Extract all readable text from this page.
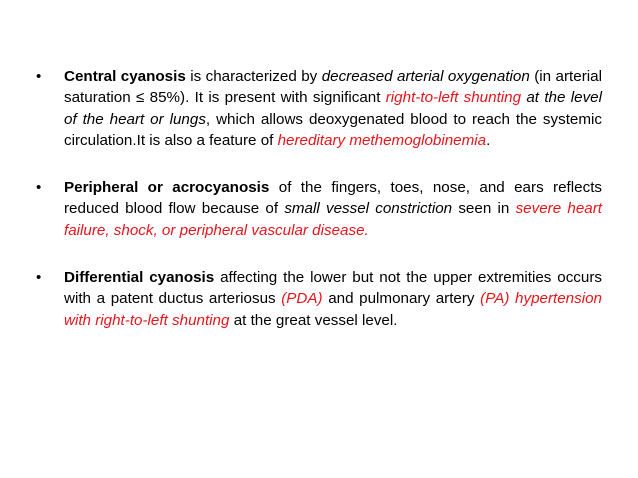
•	Central cyanosis is characterized by decreased arterial oxygenation (in arterial saturation ≤ 85%). It is present with significant right-to-left shunting at the level of the heart or lungs, which allows deoxygenated blood to reach the systemic circulation.It is also a feature of hereditary methemoglobinemia.
•	Peripheral or acrocyanosis of the fingers, toes, nose, and ears reflects reduced blood flow because of small vessel constriction seen in severe heart failure, shock, or peripheral vascular disease.
•	Differential cyanosis affecting the lower but not the upper extremities occurs with a patent ductus arteriosus (PDA) and pulmonary artery (PA) hypertension with right-to-left shunting at the great vessel level.
